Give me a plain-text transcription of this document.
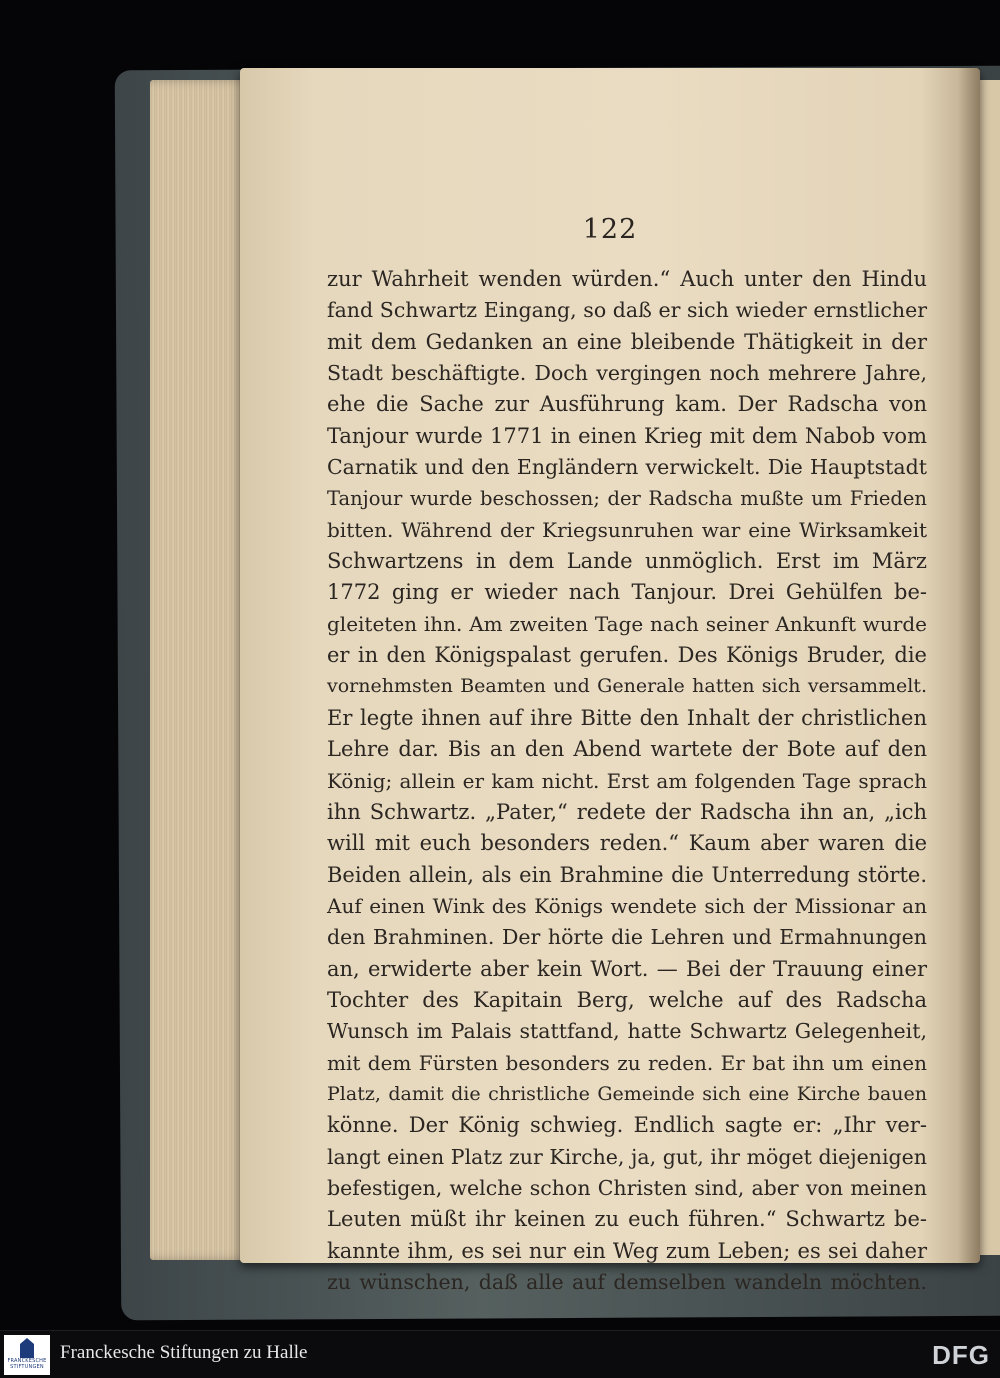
122
zur Wahrheit wenden würden.“ Auch unter den Hindu
fand Schwartz Eingang, so daß er sich wieder ernstlicher
mit dem Gedanken an eine bleibende Thätigkeit in der
Stadt beschäftigte. Doch vergingen noch mehrere Jahre,
ehe die Sache zur Ausführung kam. Der Radscha von
Tanjour wurde 1771 in einen Krieg mit dem Nabob vom
Carnatik und den Engländern verwickelt. Die Hauptstadt
Tanjour wurde beschossen; der Radscha mußte um Frieden
bitten. Während der Kriegsunruhen war eine Wirksamkeit
Schwartzens in dem Lande unmöglich. Erst im März
1772 ging er wieder nach Tanjour. Drei Gehülfen be-
gleiteten ihn. Am zweiten Tage nach seiner Ankunft wurde
er in den Königspalast gerufen. Des Königs Bruder, die
vornehmsten Beamten und Generale hatten sich versammelt.
Er legte ihnen auf ihre Bitte den Inhalt der christlichen
Lehre dar. Bis an den Abend wartete der Bote auf den
König; allein er kam nicht. Erst am folgenden Tage sprach
ihn Schwartz. „Pater,“ redete der Radscha ihn an, „ich
will mit euch besonders reden.“ Kaum aber waren die
Beiden allein, als ein Brahmine die Unterredung störte.
Auf einen Wink des Königs wendete sich der Missionar an
den Brahminen. Der hörte die Lehren und Ermahnungen
an, erwiderte aber kein Wort. — Bei der Trauung einer
Tochter des Kapitain Berg, welche auf des Radscha
Wunsch im Palais stattfand, hatte Schwartz Gelegenheit,
mit dem Fürsten besonders zu reden. Er bat ihn um einen
Platz, damit die christliche Gemeinde sich eine Kirche bauen
könne. Der König schwieg. Endlich sagte er: „Ihr ver-
langt einen Platz zur Kirche, ja, gut, ihr möget diejenigen
befestigen, welche schon Christen sind, aber von meinen
Leuten müßt ihr keinen zu euch führen.“ Schwartz be-
kannte ihm, es sei nur ein Weg zum Leben; es sei daher
zu wünschen, daß alle auf demselben wandeln möchten.
FRANCKESCHE STIFTUNGEN
Franckesche Stiftungen zu Halle	DFG
